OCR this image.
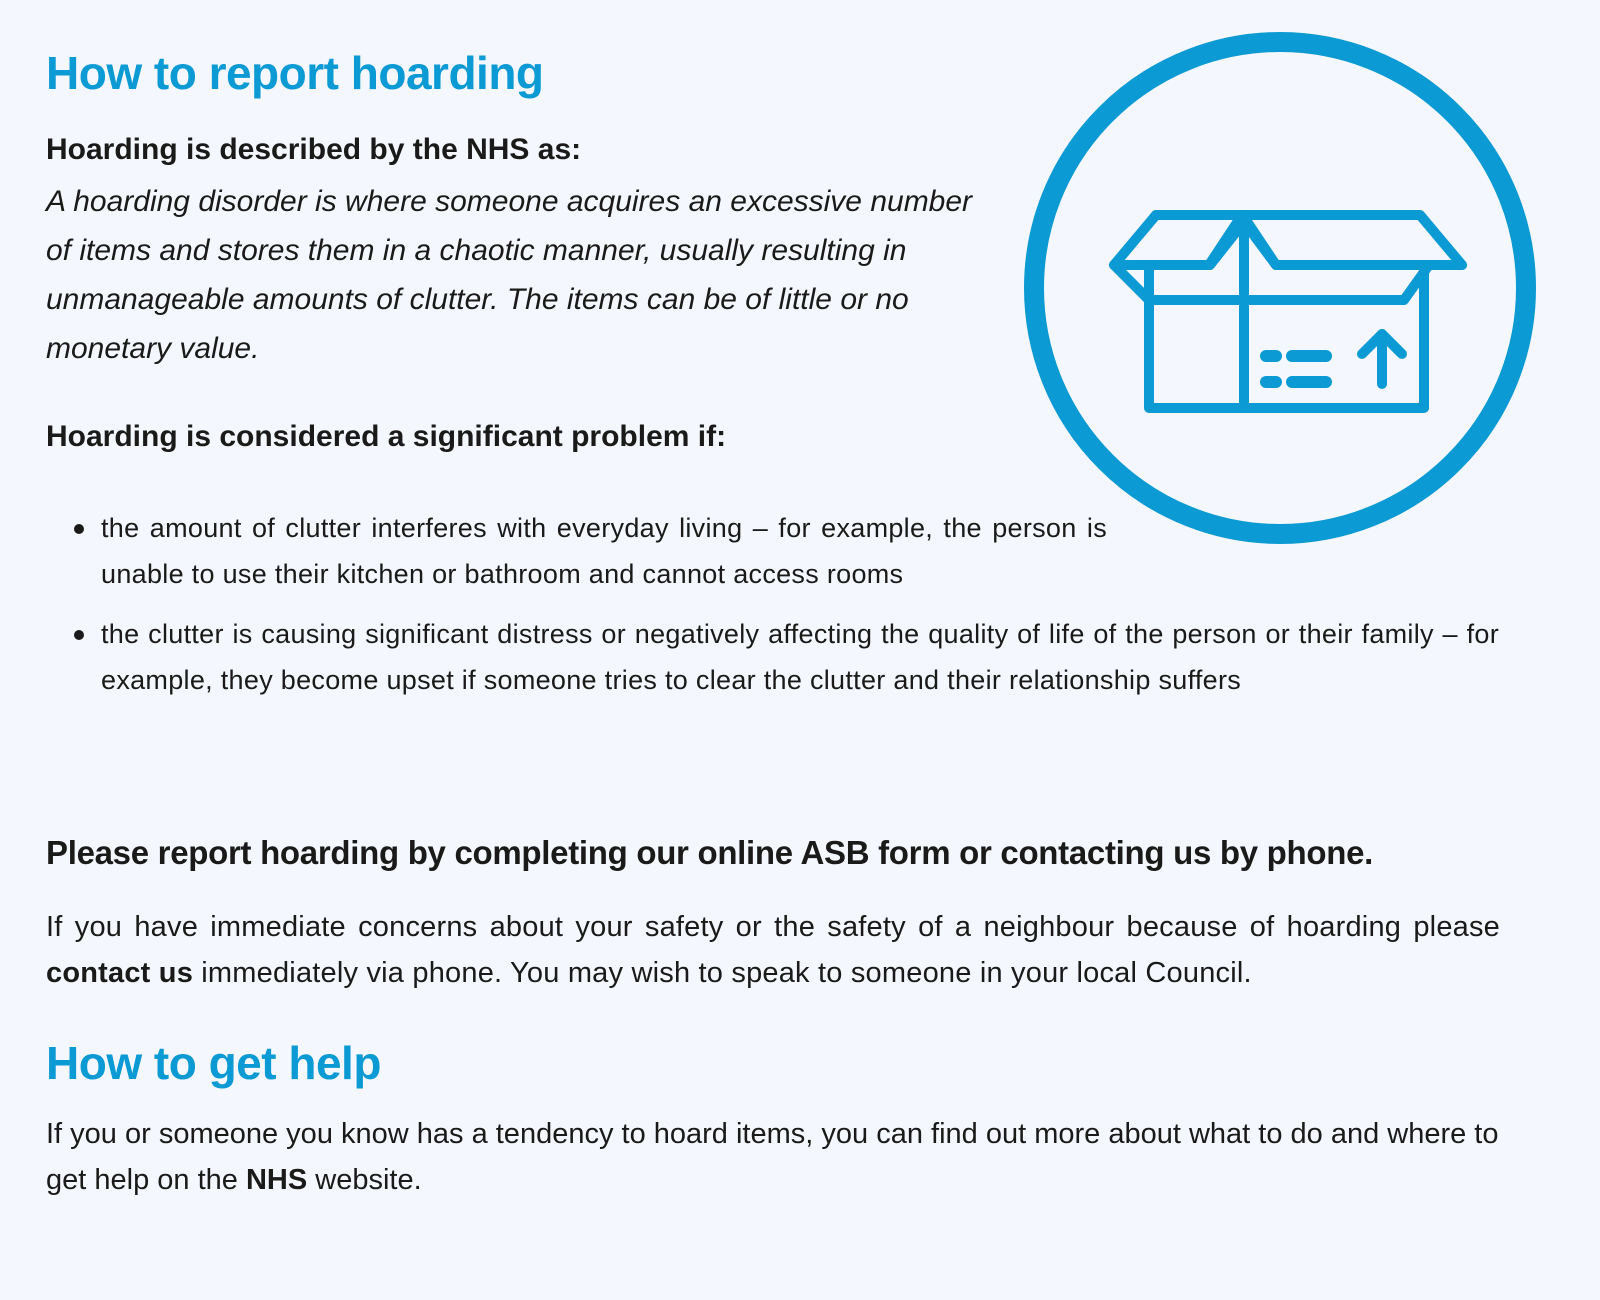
How to report hoarding
Hoarding is described by the NHS as:
A hoarding disorder is where someone acquires an excessive number of items and stores them in a chaotic manner, usually resulting in unmanageable amounts of clutter. The items can be of little or no monetary value.
Hoarding is considered a significant problem if:
the amount of clutter interferes with everyday living – for example, the person is unable to use their kitchen or bathroom and cannot access rooms
the clutter is causing significant distress or negatively affecting the quality of life of the person or their family – for example, they become upset if someone tries to clear the clutter and their relationship suffers
Please report hoarding by completing our online ASB form or contacting us by phone.
If you have immediate concerns about your safety or the safety of a neighbour because of hoarding please contact us immediately via phone. You may wish to speak to someone in your local Council.
How to get help
If you or someone you know has a tendency to hoard items, you can find out more about what to do and where to get help on the NHS website.
